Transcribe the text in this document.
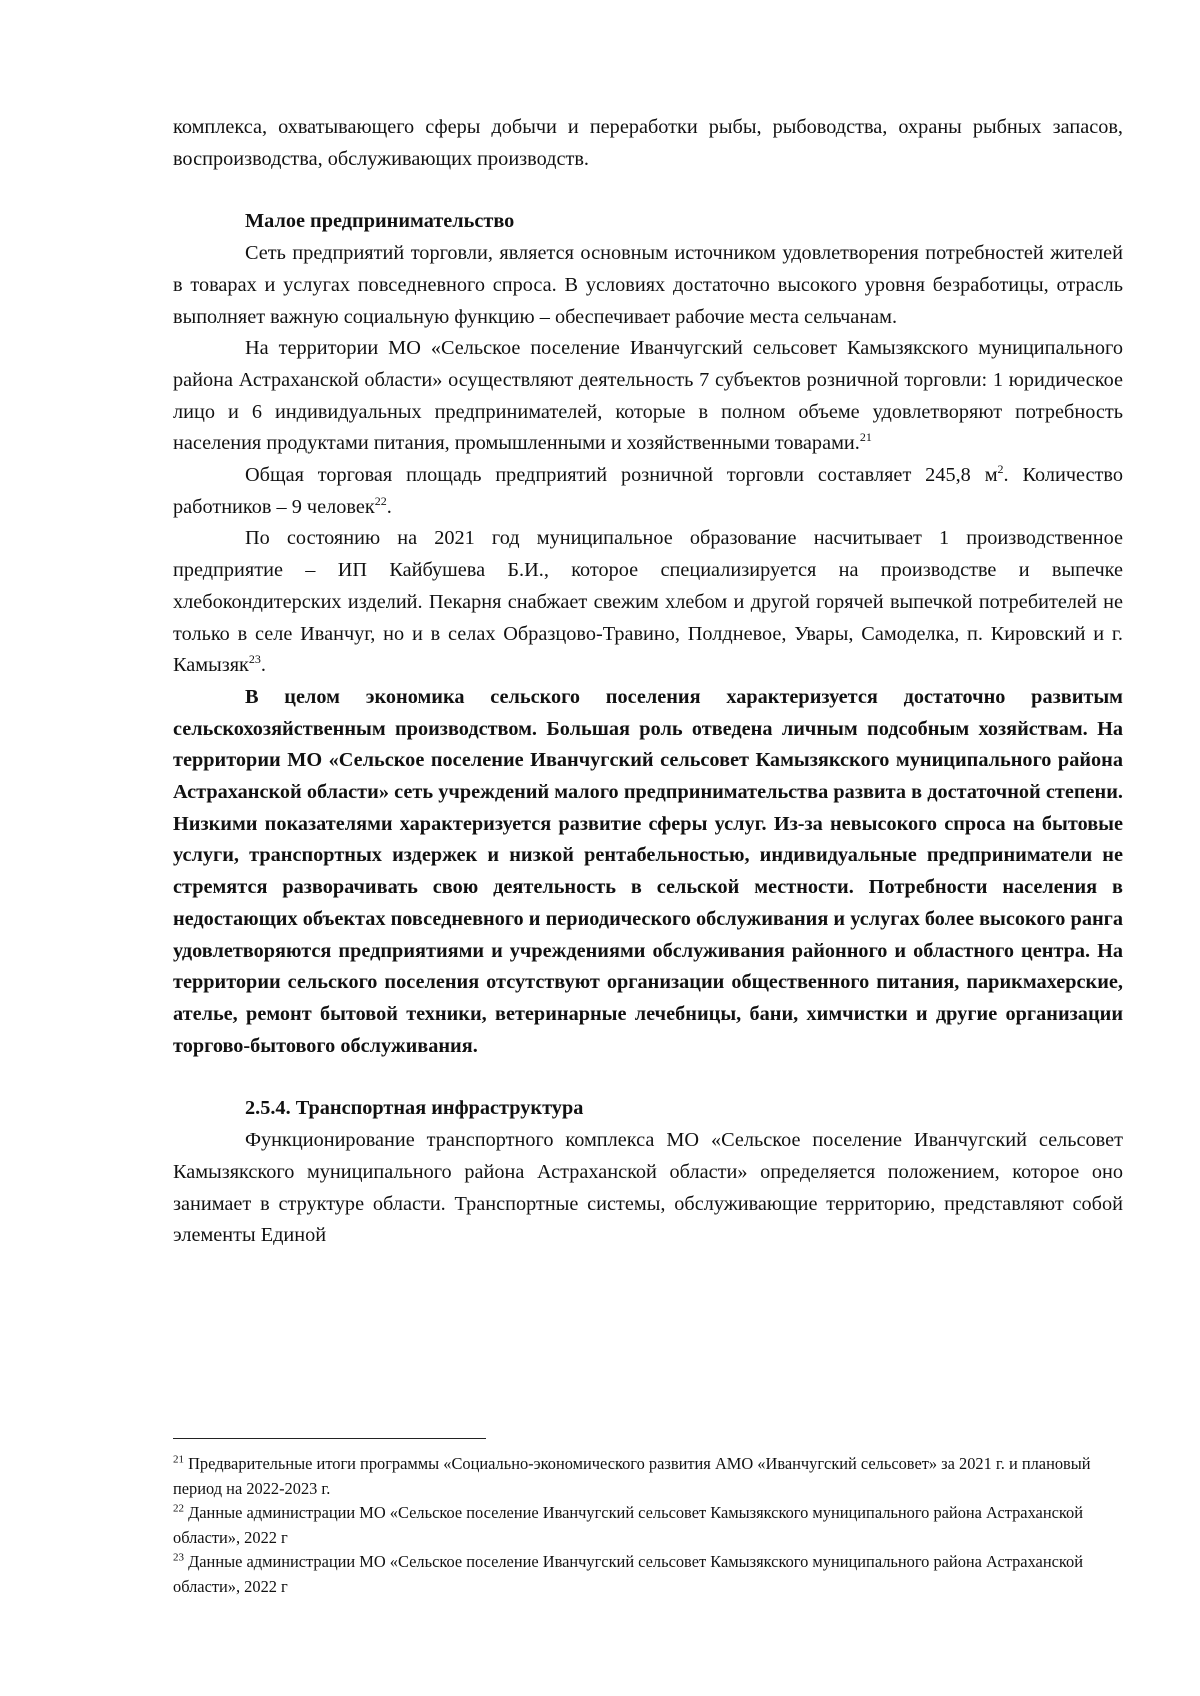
комплекса, охватывающего сферы добычи и переработки рыбы, рыбоводства, охраны рыбных запасов, воспроизводства, обслуживающих производств.

Малое предпринимательство

Сеть предприятий торговли, является основным источником удовлетворения потребностей жителей в товарах и услугах повседневного спроса. В условиях достаточно высокого уровня безработицы, отрасль выполняет важную социальную функцию – обеспечивает рабочие места сельчанам.

На территории МО «Сельское поселение Иванчугский сельсовет Камызякского муниципального района Астраханской области» осуществляют деятельность 7 субъектов розничной торговли: 1 юридическое лицо и 6 индивидуальных предпринимателей, которые в полном объеме удовлетворяют потребность населения продуктами питания, промышленными и хозяйственными товарами.$^{21}$

Общая торговая площадь предприятий розничной торговли составляет 245,8 $м^2$. Количество работников – 9 человек$^{22}$.

По состоянию на 2021 год муниципальное образование насчитывает 1 производственное предприятие – ИП Кайбушева Б.И., которое специализируется на производстве и выпечке хлебокондитерских изделий. Пекарня снабжает свежим хлебом и другой горячей выпечкой потребителей не только в селе Иванчуг, но и в селах Образцово-Травино, Полдневое, Увары, Самоделка, п. Кировский и г. Камызяк$^{23}$.

В целом экономика сельского поселения характеризуется достаточно развитым сельскохозяйственным производством. Большая роль отведена личным подсобным хозяйствам. На территории МО «Сельское поселение Иванчугский сельсовет Камызякского муниципального района Астраханской области» сеть учреждений малого предпринимательства развита в достаточной степени. Низкими показателями характеризуется развитие сферы услуг. Из-за невысокого спроса на бытовые услуги, транспортных издержек и низкой рентабельностью, индивидуальные предприниматели не стремятся разворачивать свою деятельность в сельской местности. Потребности населения в недостающих объектах повседневного и периодического обслуживания и услугах более высокого ранга удовлетворяются предприятиями и учреждениями обслуживания районного и областного центра. На территории сельского поселения отсутствуют организации общественного питания, парикмахерские, ателье, ремонт бытовой техники, ветеринарные лечебницы, бани, химчистки и другие организации торгово-бытового обслуживания.

2.5.4. Транспортная инфраструктура

Функционирование транспортного комплекса МО «Сельское поселение Иванчугский сельсовет Камызякского муниципального района Астраханской области» определяется положением, которое оно занимает в структуре области. Транспортные системы, обслуживающие территорию, представляют собой элементы Единой

$^{21}$ Предварительные итоги программы «Социально-экономического развития АМО «Иванчугский сельсовет» за 2021 г. и плановый период на 2022-2023 г.

$^{22}$ Данные администрации МО «Сельское поселение Иванчугский сельсовет Камызякского муниципального района Астраханской области», 2022 г

$^{23}$ Данные администрации МО «Сельское поселение Иванчугский сельсовет Камызякского муниципального района Астраханской области», 2022 г
